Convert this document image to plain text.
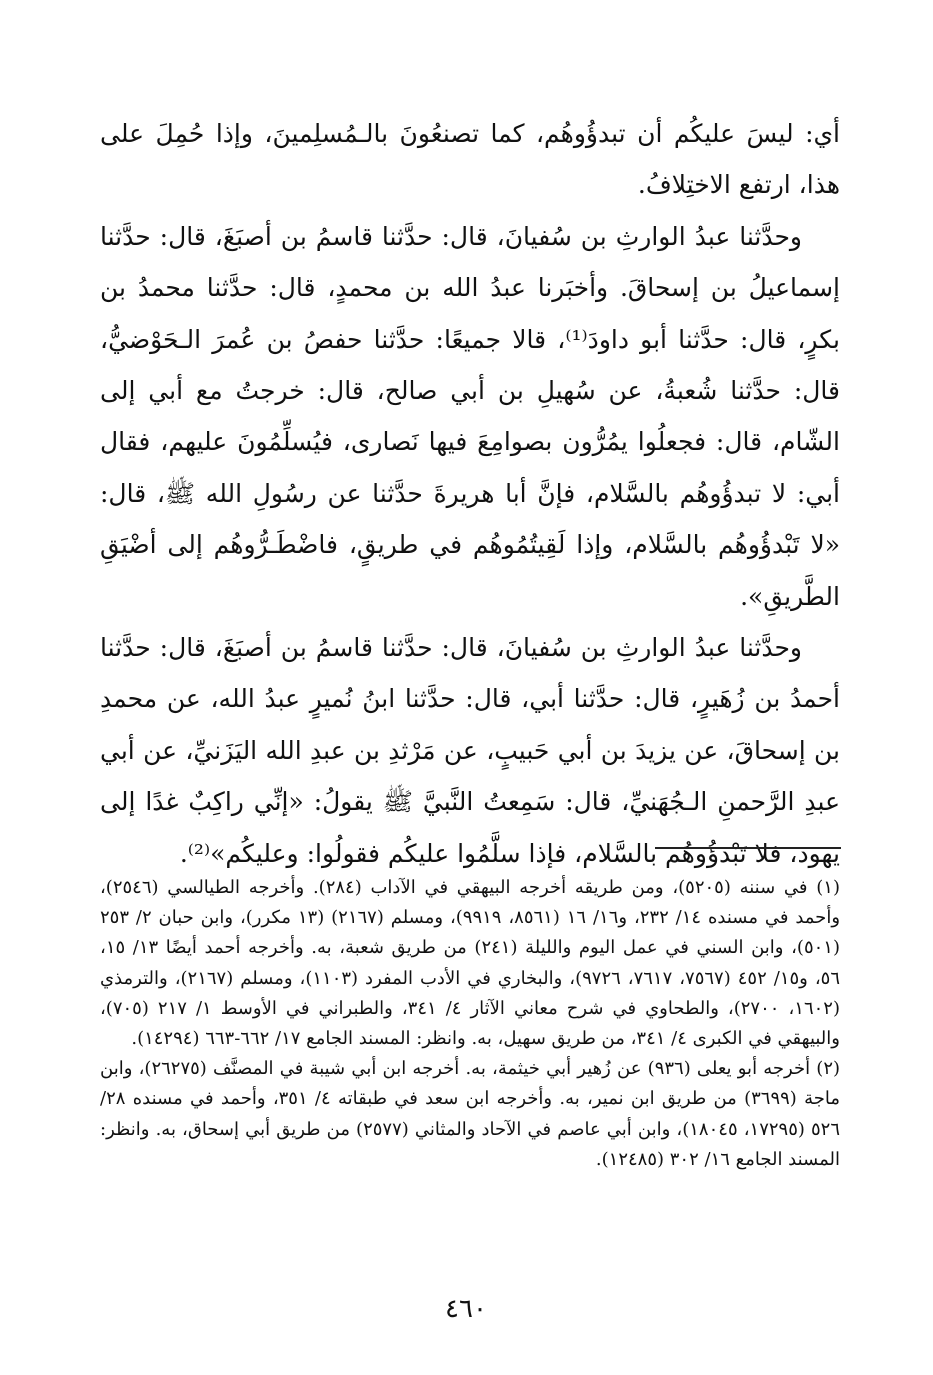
أي: ليسَ عليكُم أن تبدؤُوهُم، كما تصنعُونَ بالـمُسلِمينَ، وإذا حُمِلَ على هذا، ارتفع الاختِلافُ.

وحدَّثنا عبدُ الوارثِ بن سُفيانَ، قال: حدَّثنا قاسمُ بن أصبَغَ، قال: حدَّثنا إسماعيلُ بن إسحاقَ. وأخبَرنا عبدُ الله بن محمدٍ، قال: حدَّثنا محمدُ بن بكرٍ، قال: حدَّثنا أبو داودَ⁽¹⁾، قالا جميعًا: حدَّثنا حفصُ بن عُمرَ الـحَوْضيُّ، قال: حدَّثنا شُعبةُ، عن سُهيلِ بن أبي صالح، قال: خرجتُ مع أبي إلى الشّام، قال: فجعلُوا يمُرُّون بصوامِعَ فيها نَصارى، فيُسلِّمُونَ عليهم، فقال أبي: لا تبدؤُوهُم بالسَّلام، فإنَّ أبا هريرةَ حدَّثنا عن رسُولِ الله ﷺ، قال: «لا تَبْدؤُوهُم بالسَّلام، وإذا لَقِيتُمُوهُم في طريقٍ، فاضْطَـرُّوهُم إلى أضْيَقِ الطَّريقِ».

وحدَّثنا عبدُ الوارثِ بن سُفيانَ، قال: حدَّثنا قاسمُ بن أصبَغَ، قال: حدَّثنا أحمدُ بن زُهَيرٍ، قال: حدَّثنا أبي، قال: حدَّثنا ابنُ نُميرٍ عبدُ الله، عن محمدِ بن إسحاقَ، عن يزيدَ بن أبي حَبيبٍ، عن مَرْثدِ بن عبدِ الله اليَزَنيِّ، عن أبي عبدِ الرَّحمنِ الـجُهَنيِّ، قال: سَمِعتُ النَّبيَّ ﷺ يقولُ: «إنِّي راكِبٌ غدًا إلى يهود، فلا تَبْدؤُوهُم بالسَّلام، فإذا سلَّمُوا عليكُم فقولُوا: وعليكُم»⁽²⁾.

(١) في سننه (٥٢٠٥)، ومن طريقه أخرجه البيهقي في الآداب (٢٨٤). وأخرجه الطيالسي (٢٥٤٦)، وأحمد في مسنده ١٤/ ٢٣٢، و١٦/ ١٦ (٨٥٦١، ٩٩١٩)، ومسلم (٢١٦٧) (١٣ مكرر)، وابن حبان ٢/ ٢٥٣ (٥٠١)، وابن السني في عمل اليوم والليلة (٢٤١) من طريق شعبة، به. وأخرجه أحمد أيضًا ١٣/ ١٥، ٥٦، و١٥/ ٤٥٢ (٧٥٦٧، ٧٦١٧، ٩٧٢٦)، والبخاري في الأدب المفرد (١١٠٣)، ومسلم (٢١٦٧)، والترمذي (١٦٠٢، ٢٧٠٠)، والطحاوي في شرح معاني الآثار ٤/ ٣٤١، والطبراني في الأوسط ١/ ٢١٧ (٧٠٥)، والبيهقي في الكبرى ٤/ ٣٤١، من طريق سهيل، به. وانظر: المسند الجامع ١٧/ ٦٦٢-٦٦٣ (١٤٢٩٤).

(٢) أخرجه أبو يعلى (٩٣٦) عن زُهير أبي خيثمة، به. أخرجه ابن أبي شيبة في المصنَّف (٢٦٢٧٥)، وابن ماجة (٣٦٩٩) من طريق ابن نمير، به. وأخرجه ابن سعد في طبقاته ٤/ ٣٥١، وأحمد في مسنده ٢٨/ ٥٢٦ (١٧٢٩٥، ١٨٠٤٥)، وابن أبي عاصم في الآحاد والمثاني (٢٥٧٧) من طريق أبي إسحاق، به. وانظر: المسند الجامع ١٦/ ٣٠٢ (١٢٤٨٥).

٤٦٠
